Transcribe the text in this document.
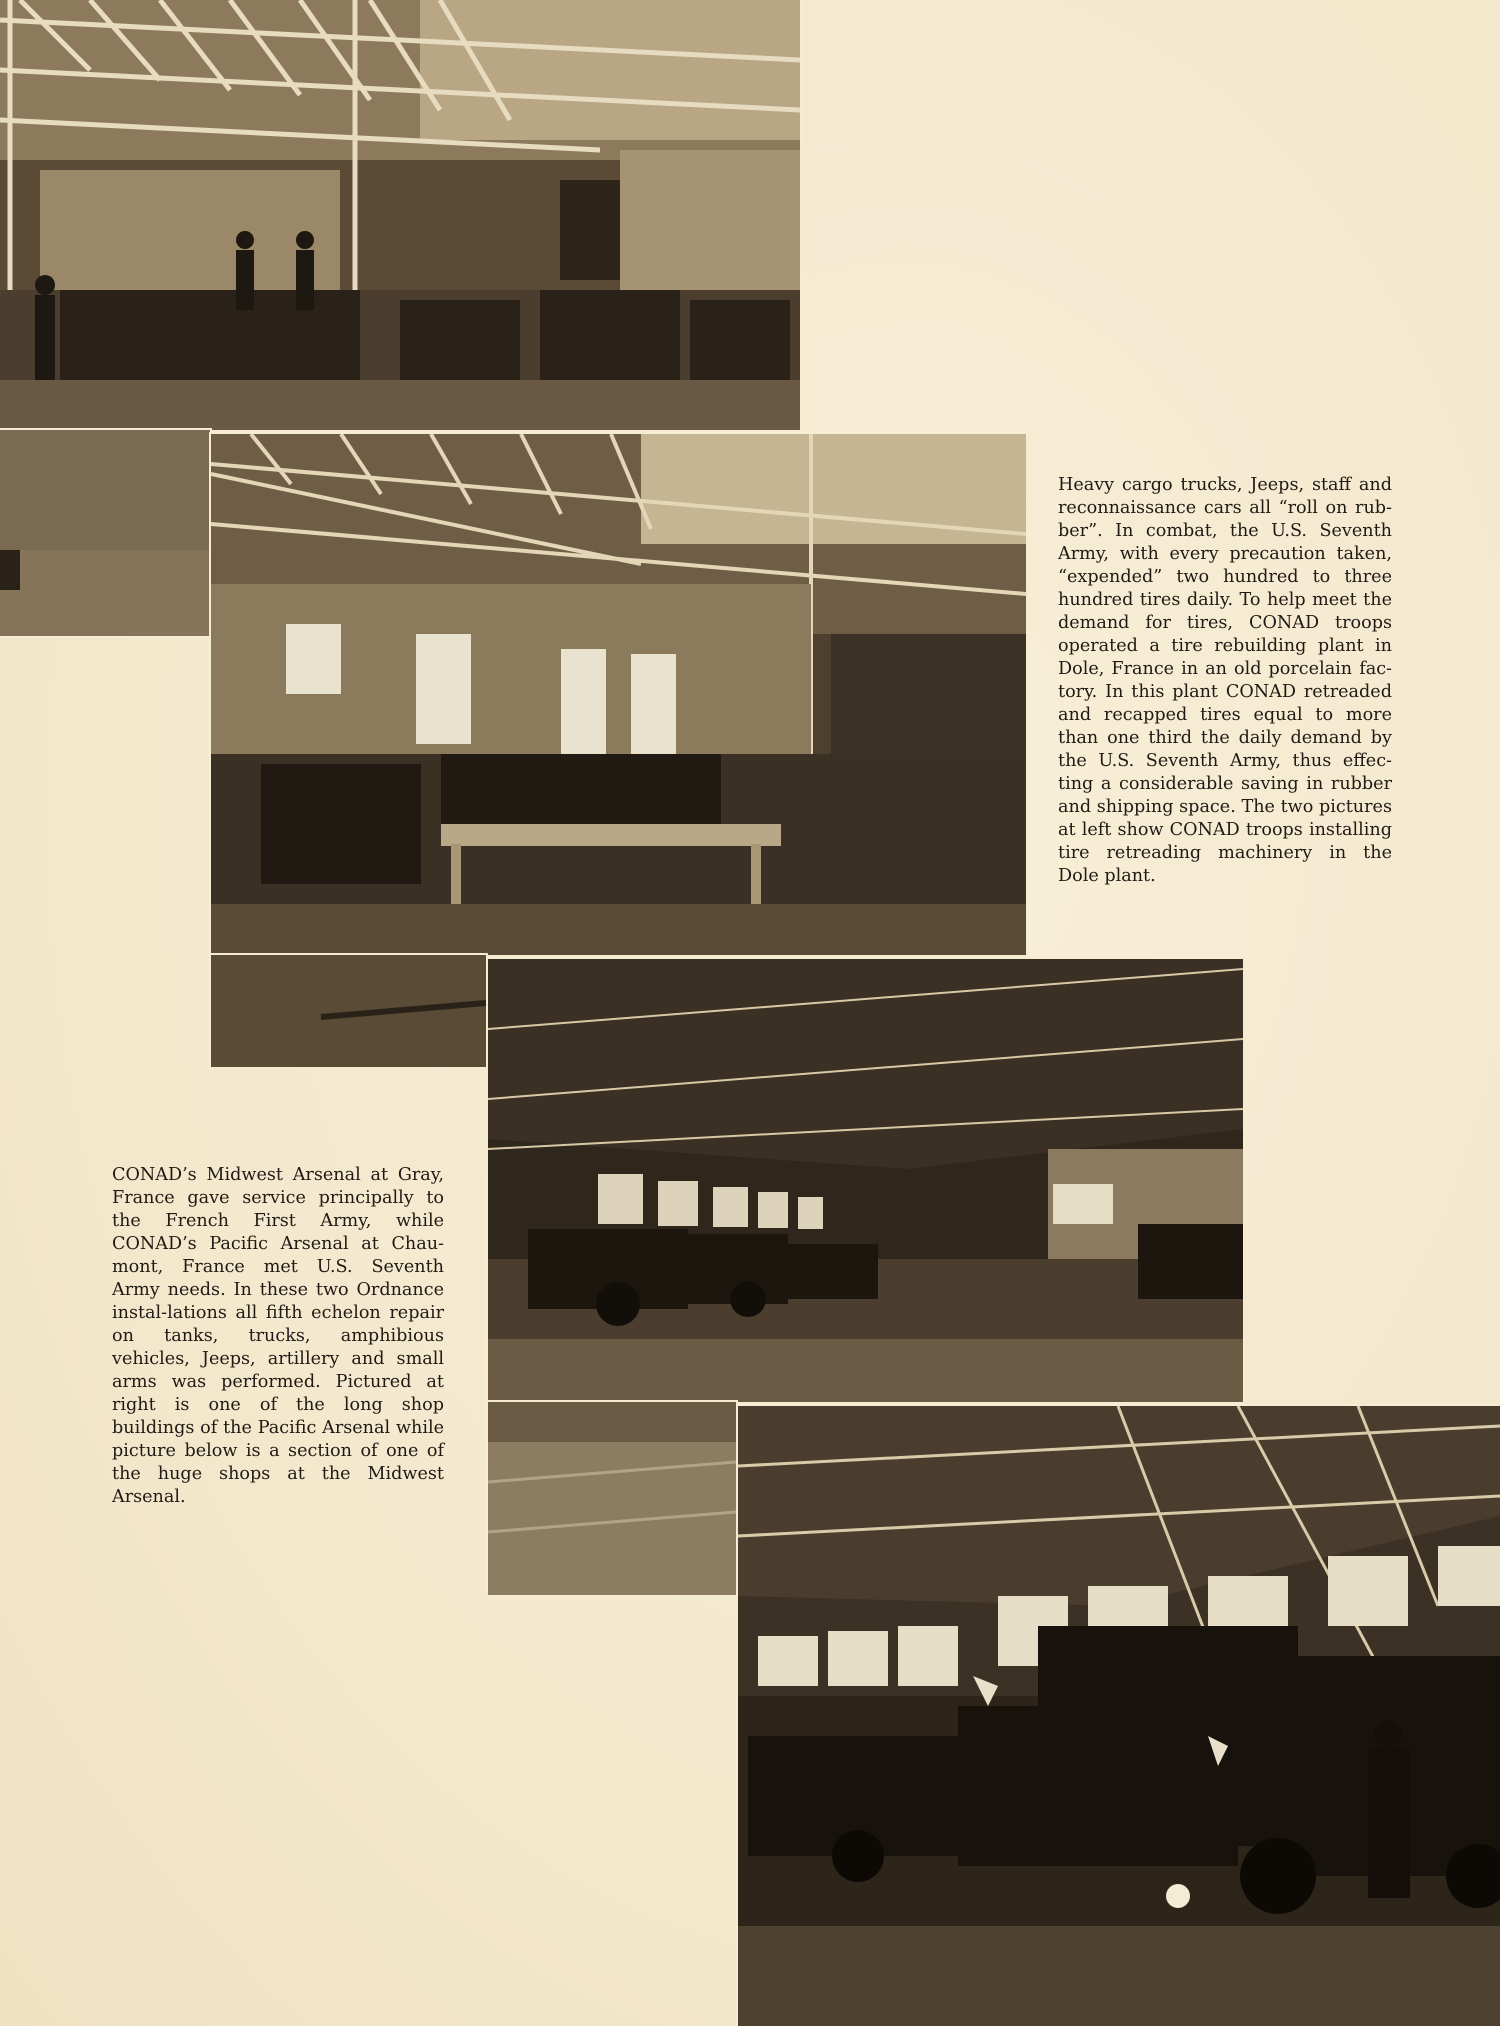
Heavy cargo trucks, Jeeps, staff and reconnaissance cars all “roll on rub-ber”. In combat, the U.S. Seventh Army, with every precaution taken, “expended” two hundred to three hundred tires daily. To help meet the demand for tires, CONAD troops operated a tire rebuilding plant in Dole, France in an old porcelain fac-tory. In this plant CONAD retreaded and recapped tires equal to more than one third the daily demand by the U.S. Seventh Army, thus effec-ting a considerable saving in rubber and shipping space. The two pictures at left show CONAD troops installing tire retreading machinery in the Dole plant.
CONAD’s Midwest Arsenal at Gray, France gave service principally to the French First Army, while CONAD’s Pacific Arsenal at Chau-mont, France met U.S. Seventh Army needs. In these two Ordnance instal-lations all fifth echelon repair on tanks, trucks, amphibious vehicles, Jeeps, artillery and small arms was performed. Pictured at right is one of the long shop buildings of the Pacific Arsenal while picture below is a section of one of the huge shops at the Midwest Arsenal.
